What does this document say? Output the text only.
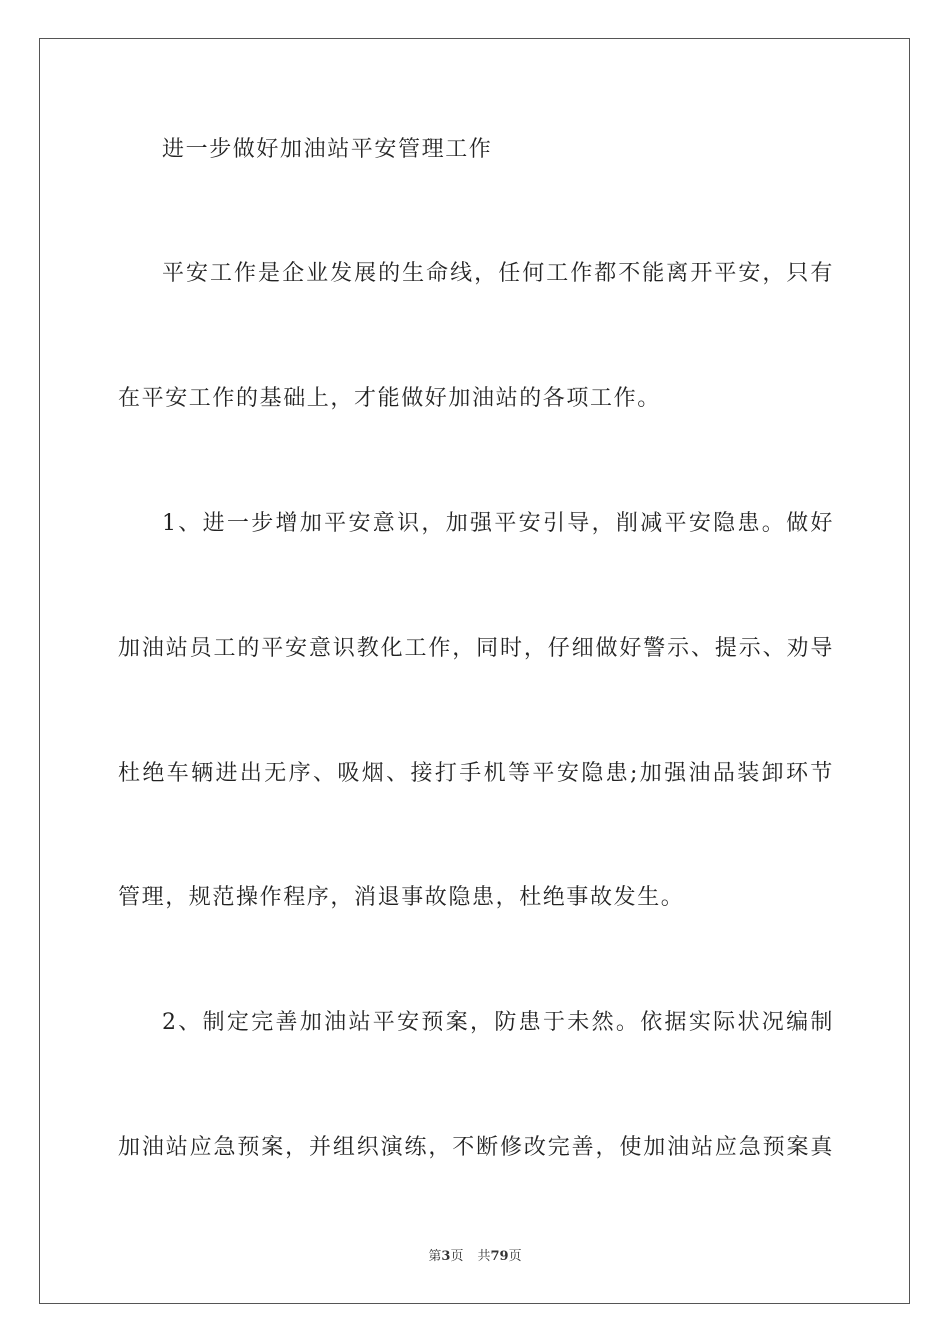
进一步做好加油站平安管理工作
平安工作是企业发展的生命线，任何工作都不能离开平安，只有
在平安工作的基础上，才能做好加油站的各项工作。
1、进一步增加平安意识，加强平安引导，削减平安隐患。做好
加油站员工的平安意识教化工作，同时，仔细做好警示、提示、劝导
杜绝车辆进出无序、吸烟、接打手机等平安隐患;加强油品装卸环节
管理，规范操作程序，消退事故隐患，杜绝事故发生。
2、制定完善加油站平安预案，防患于未然。依据实际状况编制
加油站应急预案，并组织演练，不断修改完善，使加油站应急预案真
第3页 共79页
